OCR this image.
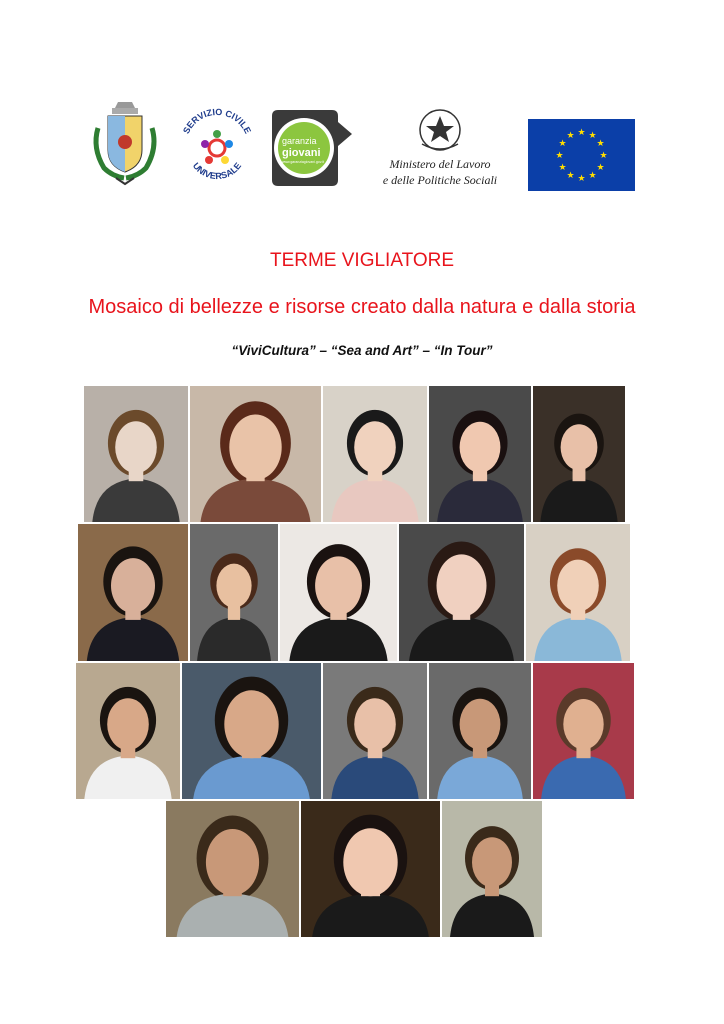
SERVIZIO CIVILE
UNIVERSALE
garanzia
giovani
www.garanziagiovani.gov.it	Ministero del Lavoro
e delle Politiche Sociali
★ ★
★
★
★
★
★
★
★
★
★
★
TERME VIGLIATORE
Mosaico di bellezze e risorse creato dalla natura e dalla storia
“ViviCultura” – “Sea and Art” – “In Tour”
